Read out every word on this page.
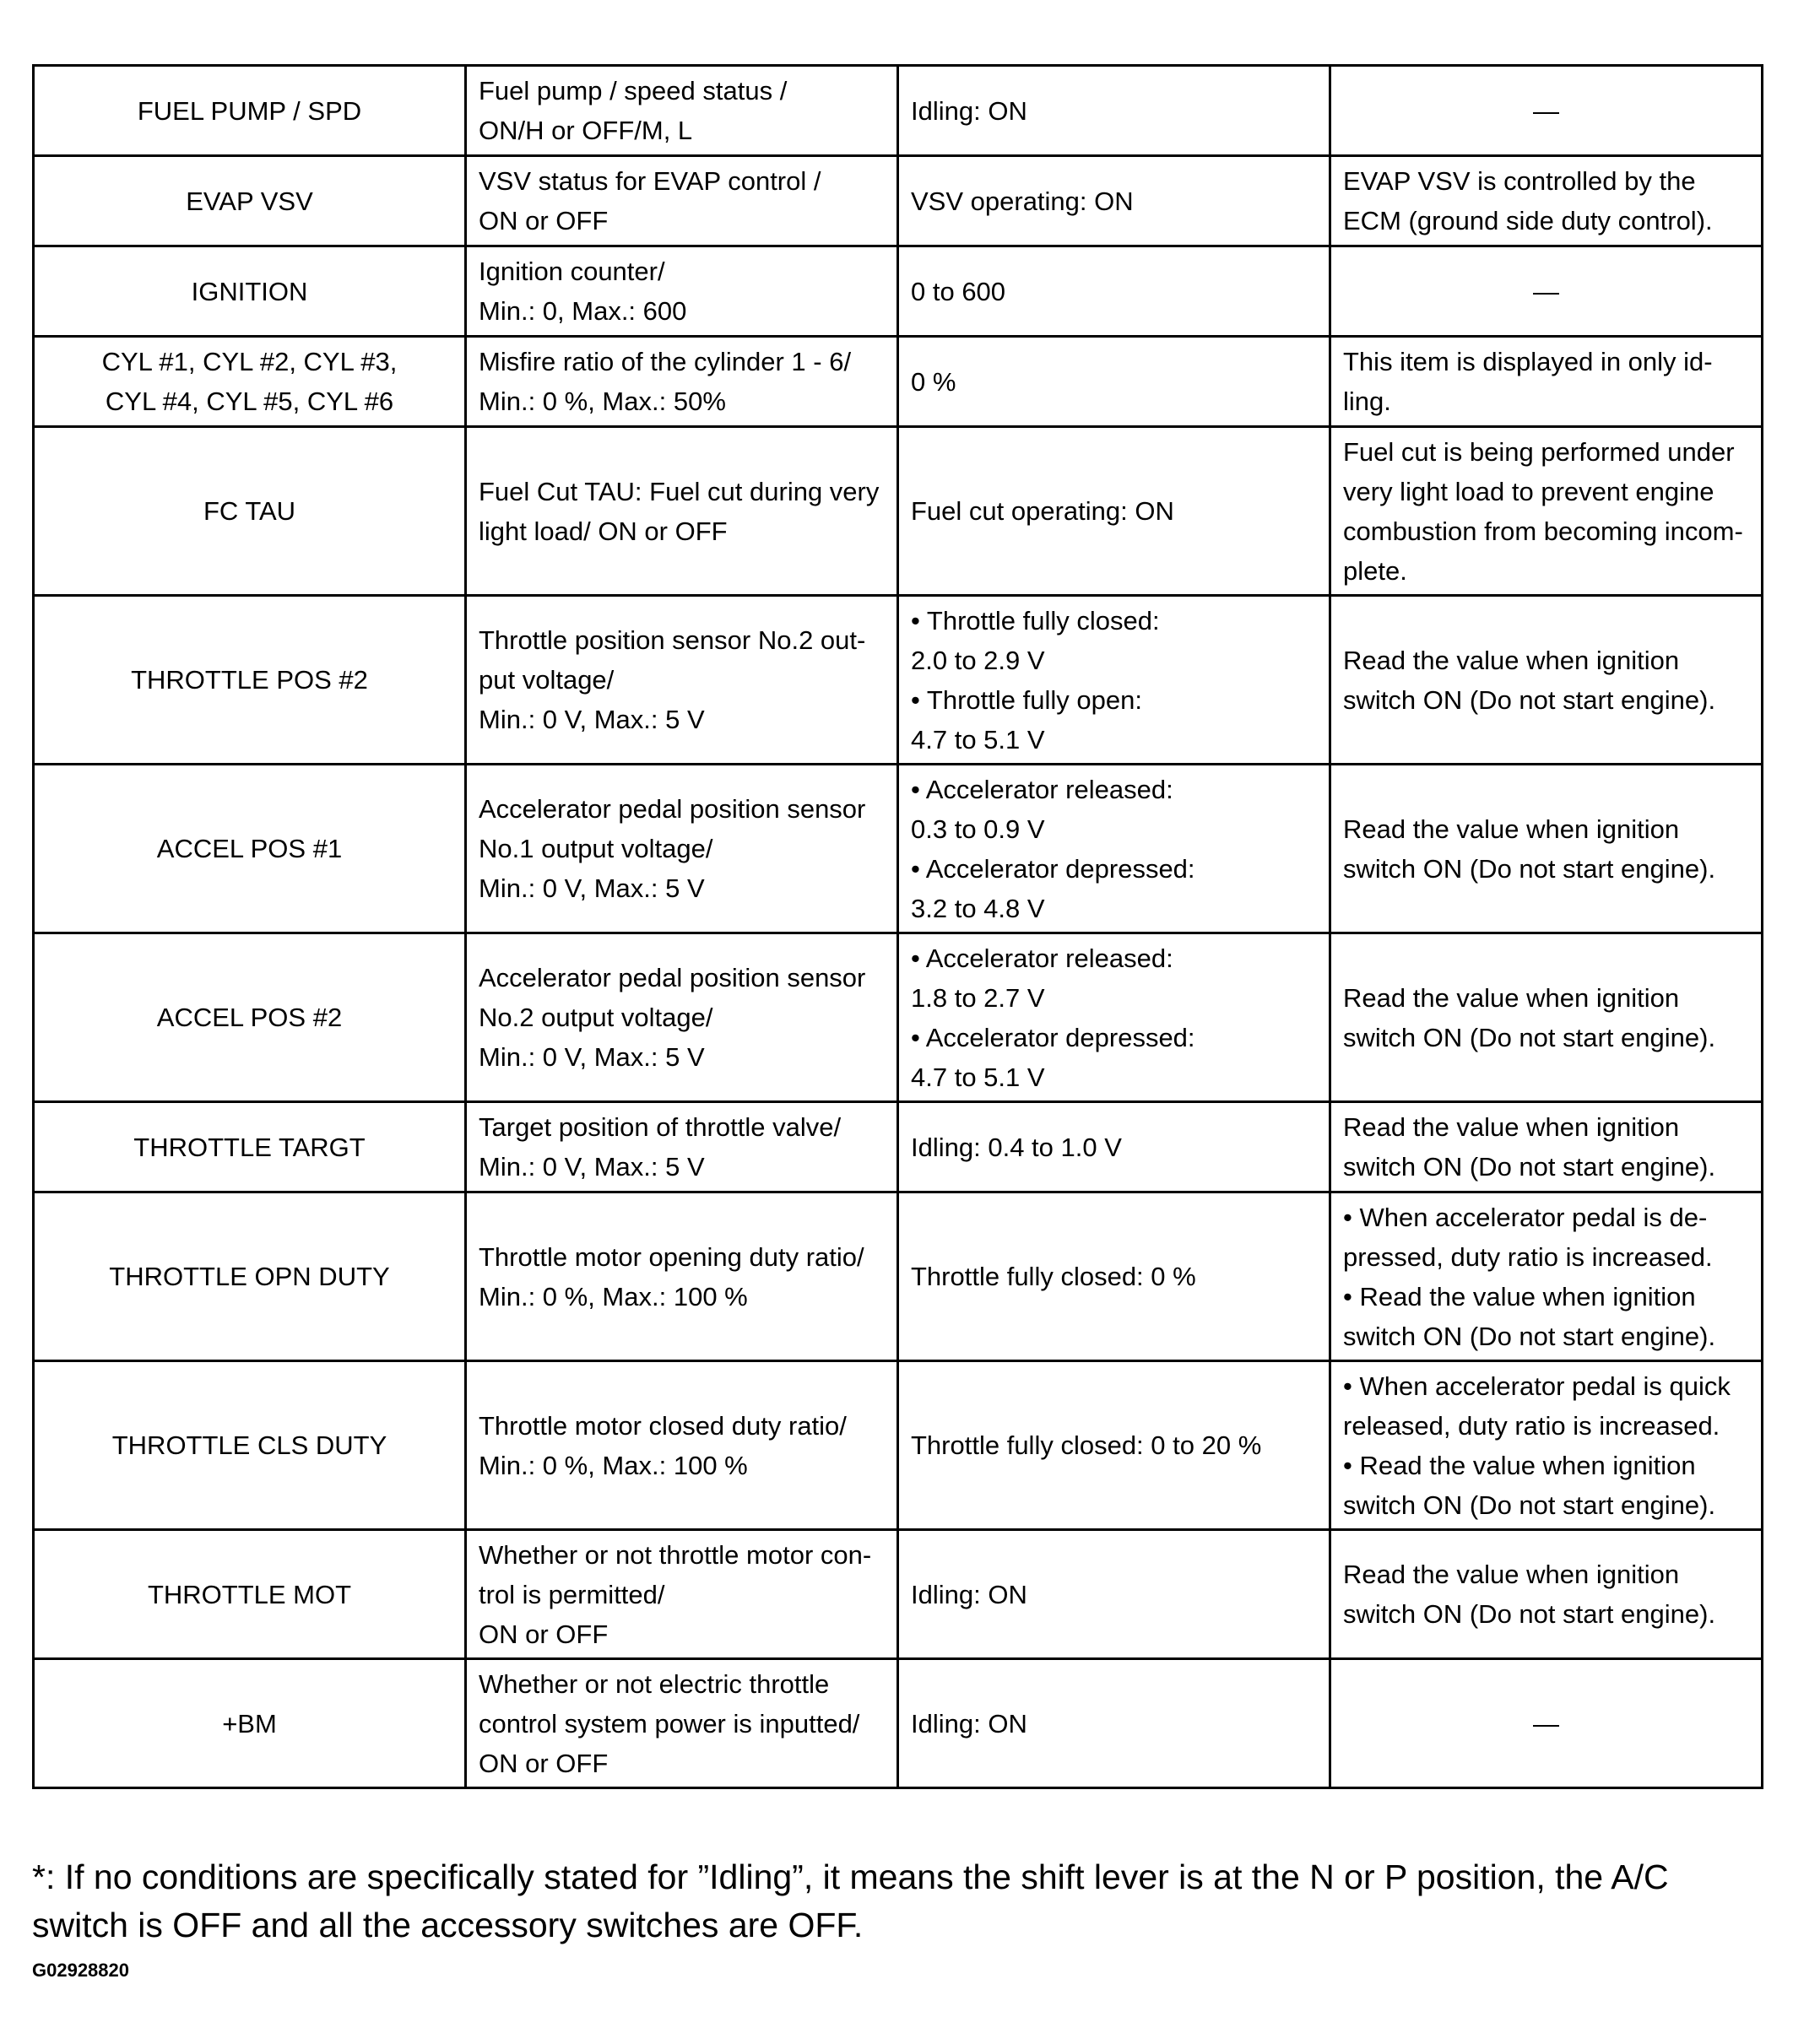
FUEL PUMP / SPD	Fuel pump / speed status /
ON/H or OFF/M, L	Idling: ON	—

EVAP VSV	VSV status for EVAP control /
ON or OFF	VSV operating: ON	EVAP VSV is controlled by the
ECM (ground side duty control).

IGNITION	Ignition counter/
Min.: 0, Max.: 600	0 to 600	—

CYL #1, CYL #2, CYL #3,
CYL #4, CYL #5, CYL #6	Misfire ratio of the cylinder 1 - 6/
Min.: 0 %, Max.: 50%	0 %	This item is displayed in only id-
ling.

FC TAU	Fuel Cut TAU: Fuel cut during very
light load/ ON or OFF	Fuel cut operating: ON	Fuel cut is being performed under
very light load to prevent engine
combustion from becoming incom-
plete.

THROTTLE POS #2	Throttle position sensor No.2 out-
put voltage/
Min.: 0 V, Max.: 5 V	• Throttle fully closed:
2.0 to 2.9 V
• Throttle fully open:
4.7 to 5.1 V	Read the value when ignition
switch ON (Do not start engine).

ACCEL POS #1	Accelerator pedal position sensor
No.1 output voltage/
Min.: 0 V, Max.: 5 V	• Accelerator released:
0.3 to 0.9 V
• Accelerator depressed:
3.2 to 4.8 V	Read the value when ignition
switch ON (Do not start engine).

ACCEL POS #2	Accelerator pedal position sensor
No.2 output voltage/
Min.: 0 V, Max.: 5 V	• Accelerator released:
1.8 to 2.7 V
• Accelerator depressed:
4.7 to 5.1 V	Read the value when ignition
switch ON (Do not start engine).

THROTTLE TARGT	Target position of throttle valve/
Min.: 0 V, Max.: 5 V	Idling: 0.4 to 1.0 V	Read the value when ignition
switch ON (Do not start engine).

THROTTLE OPN DUTY	Throttle motor opening duty ratio/
Min.: 0 %, Max.: 100 %	Throttle fully closed: 0 %	• When accelerator pedal is de-
pressed, duty ratio is increased.
• Read the value when ignition
switch ON (Do not start engine).

THROTTLE CLS DUTY	Throttle motor closed duty ratio/
Min.: 0 %, Max.: 100 %	Throttle fully closed: 0 to 20 %	• When accelerator pedal is quick
released, duty ratio is increased.
• Read the value when ignition
switch ON (Do not start engine).

THROTTLE MOT	Whether or not throttle motor con-
trol is permitted/
ON or OFF	Idling: ON	Read the value when ignition
switch ON (Do not start engine).

+BM	Whether or not electric throttle
control system power is inputted/
ON or OFF	Idling: ON	—
*: If no conditions are specifically stated for ”Idling”, it means the shift lever is at the N or P position, the A/C
switch is OFF and all the accessory switches are OFF.
G02928820
